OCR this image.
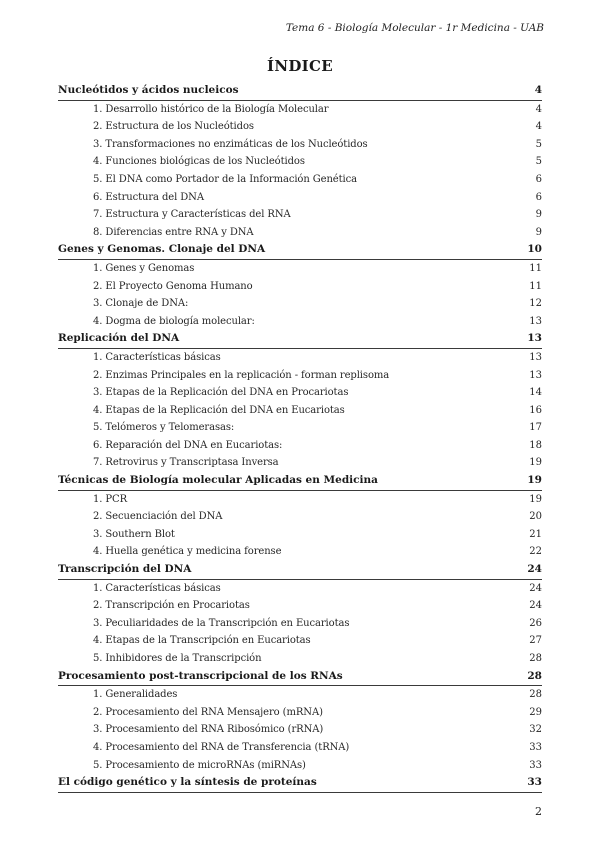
Tema 6 - Biología Molecular - 1r Medicina - UAB
ÍNDICE
Nucleótidos y ácidos nucleicos	4
1. Desarrollo histórico de la Biología Molecular	4
2. Estructura de los Nucleótidos	4
3. Transformaciones no enzimáticas de los Nucleótidos	5
4. Funciones biológicas de los Nucleótidos	5
5. El DNA como Portador de la Información Genética	6
6. Estructura del DNA	6
7. Estructura y Características del RNA	9
8. Diferencias entre RNA y DNA	9
Genes y Genomas. Clonaje del DNA	10
1. Genes y Genomas	11
2. El Proyecto Genoma Humano	11
3. Clonaje de DNA:	12
4. Dogma de biología molecular:	13
Replicación del DNA	13
1. Características básicas	13
2. Enzimas Principales en la replicación - forman replisoma	13
3. Etapas de la Replicación del DNA en Procariotas	14
4. Etapas de la Replicación del DNA en Eucariotas	16
5. Telómeros y Telomerasas:	17
6. Reparación del DNA en Eucariotas:	18
7. Retrovirus y Transcriptasa Inversa	19
Técnicas de Biología molecular Aplicadas en Medicina	19
1. PCR	19
2. Secuenciación del DNA	20
3. Southern Blot	21
4. Huella genética y medicina forense	22
Transcripción del DNA	24
1. Características básicas	24
2. Transcripción en Procariotas	24
3. Peculiaridades de la Transcripción en Eucariotas	26
4. Etapas de la Transcripción en Eucariotas	27
5. Inhibidores de la Transcripción	28
Procesamiento post-transcripcional de los RNAs	28
1. Generalidades	28
2. Procesamiento del RNA Mensajero (mRNA)	29
3. Procesamiento del RNA Ribosómico (rRNA)	32
4. Procesamiento del RNA de Transferencia (tRNA)	33
5. Procesamiento de microRNAs (miRNAs)	33
El código genético y la síntesis de proteínas	33
2
